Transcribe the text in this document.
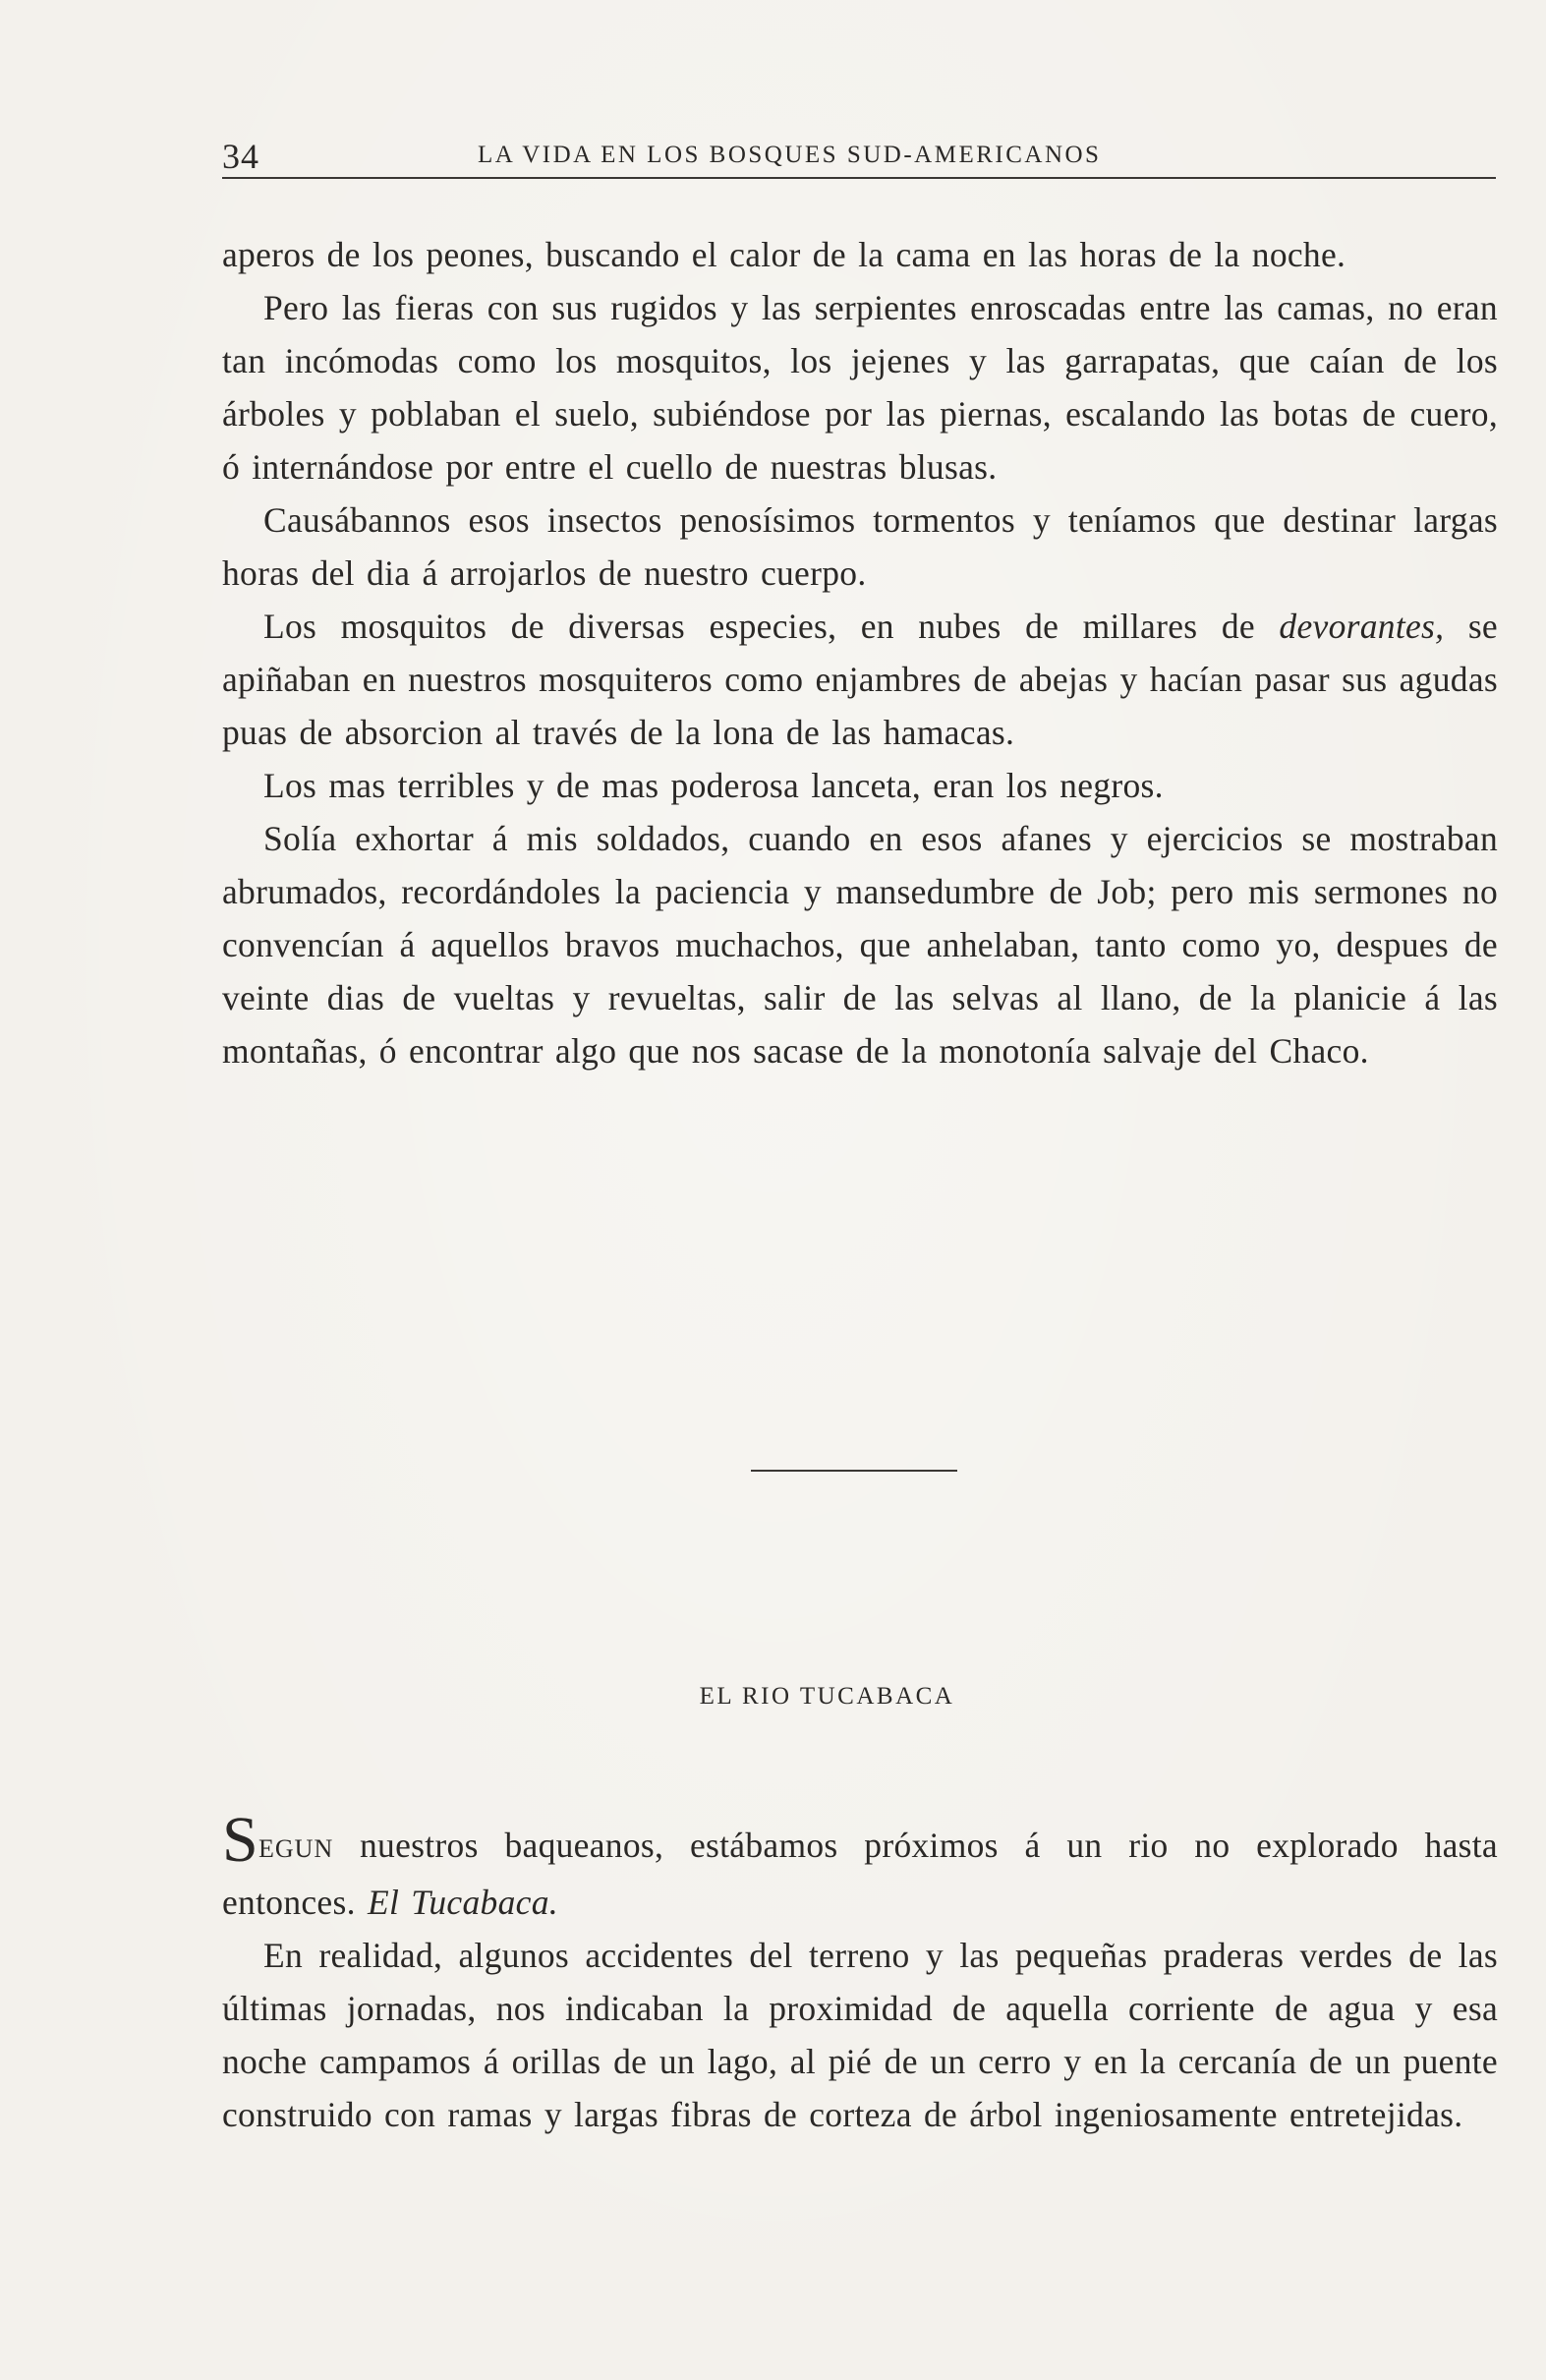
34	LA VIDA EN LOS BOSQUES SUD-AMERICANOS

aperos de los peones, buscando el calor de la cama en las horas de la noche.

Pero las fieras con sus rugidos y las serpientes enroscadas entre las camas, no eran tan incómodas como los mosquitos, los jejenes y las garrapatas, que caían de los árboles y poblaban el suelo, subiéndose por las piernas, escalando las botas de cuero, ó internándose por entre el cuello de nuestras blusas.

Causábannos esos insectos penosísimos tormentos y teníamos que destinar largas horas del dia á arrojarlos de nuestro cuerpo.

Los mosquitos de diversas especies, en nubes de millares de devorantes, se apiñaban en nuestros mosquiteros como enjambres de abejas y hacían pasar sus agudas puas de absorcion al través de la lona de las hamacas.

Los mas terribles y de mas poderosa lanceta, eran los negros.

Solía exhortar á mis soldados, cuando en esos afanes y ejercicios se mostraban abrumados, recordándoles la paciencia y mansedumbre de Job; pero mis sermones no convencían á aquellos bravos muchachos, que anhelaban, tanto como yo, despues de veinte dias de vueltas y revueltas, salir de las selvas al llano, de la planicie á las montañas, ó encontrar algo que nos sacase de la monotonía salvaje del Chaco.

EL RIO TUCABACA

SEGUN nuestros baqueanos, estábamos próximos á un rio no explorado hasta entonces. El Tucabaca.

En realidad, algunos accidentes del terreno y las pequeñas praderas verdes de las últimas jornadas, nos indicaban la proximidad de aquella corriente de agua y esa noche campamos á orillas de un lago, al pié de un cerro y en la cercanía de un puente construido con ramas y largas fibras de corteza de árbol ingeniosamente entretejidas.
